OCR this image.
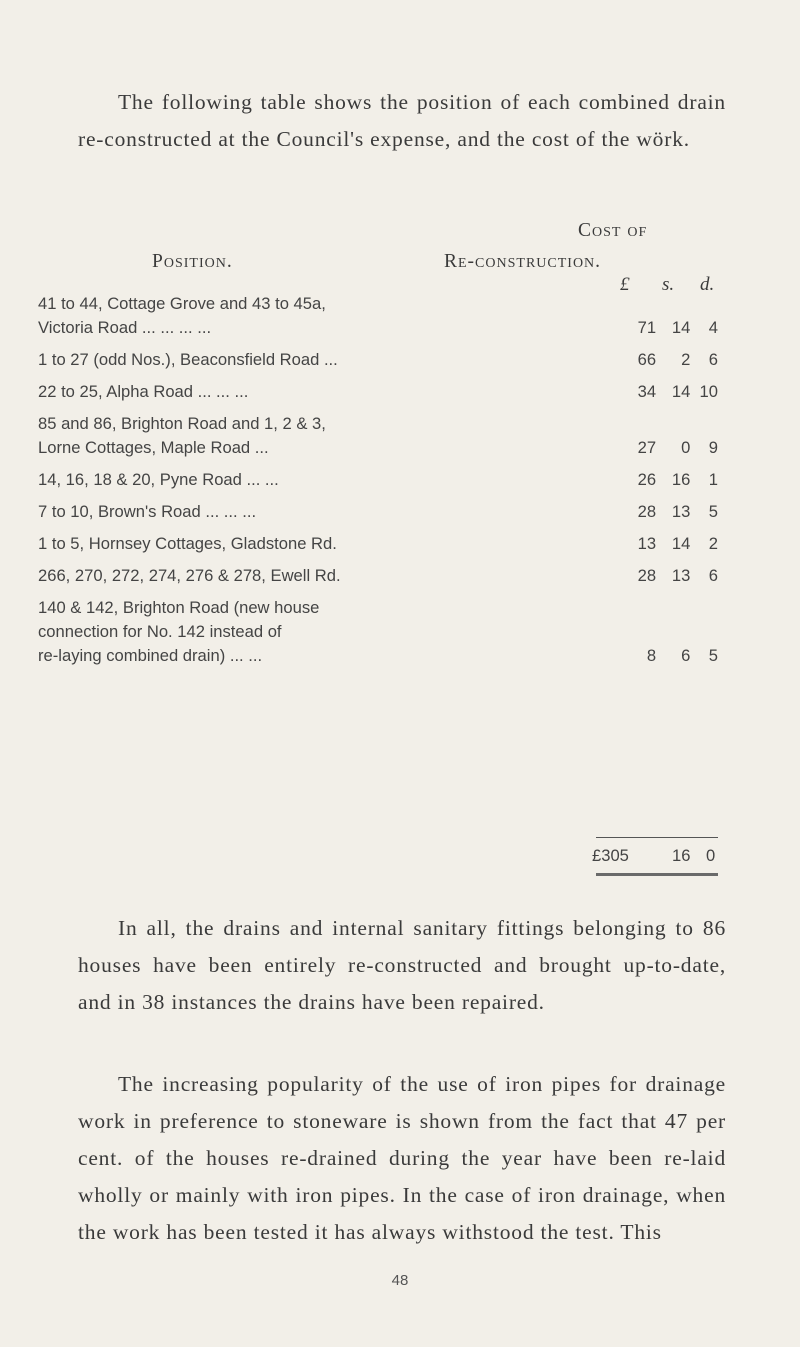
The following table shows the position of each combined drain re-constructed at the Council's expense, and the cost of the wörk.

Cost of
Position.	Re-construction.
£ s. d.
41 to 44, Cottage Grove and 43 to 45a,
Victoria Road ... ... ... ...	71	14	4

1 to 27 (odd Nos.), Beaconsfield Road ...	66	2	6

22 to 25, Alpha Road ... ... ...	34	14	10

85 and 86, Brighton Road and 1, 2 & 3,
Lorne Cottages, Maple Road ...	27	0	9

14, 16, 18 & 20, Pyne Road ... ...	26	16	1

7 to 10, Brown's Road ... ... ...	28	13	5

1 to 5, Hornsey Cottages, Gladstone Rd.	13	14	2

266, 270, 272, 274, 276 & 278, Ewell Rd.	28	13	6

140 & 142, Brighton Road (new house
connection for No. 142 instead of
re-laying combined drain) ... ...	8	6	5
£305	16 0

In all, the drains and internal sanitary fittings belonging to 86 houses have been entirely re-constructed and brought up-to-date, and in 38 instances the drains have been repaired.

The increasing popularity of the use of iron pipes for drainage work in preference to stoneware is shown from the fact that 47 per cent. of the houses re-drained during the year have been re-laid wholly or mainly with iron pipes. In the case of iron drainage, when the work has been tested it has always withstood the test. This

48
